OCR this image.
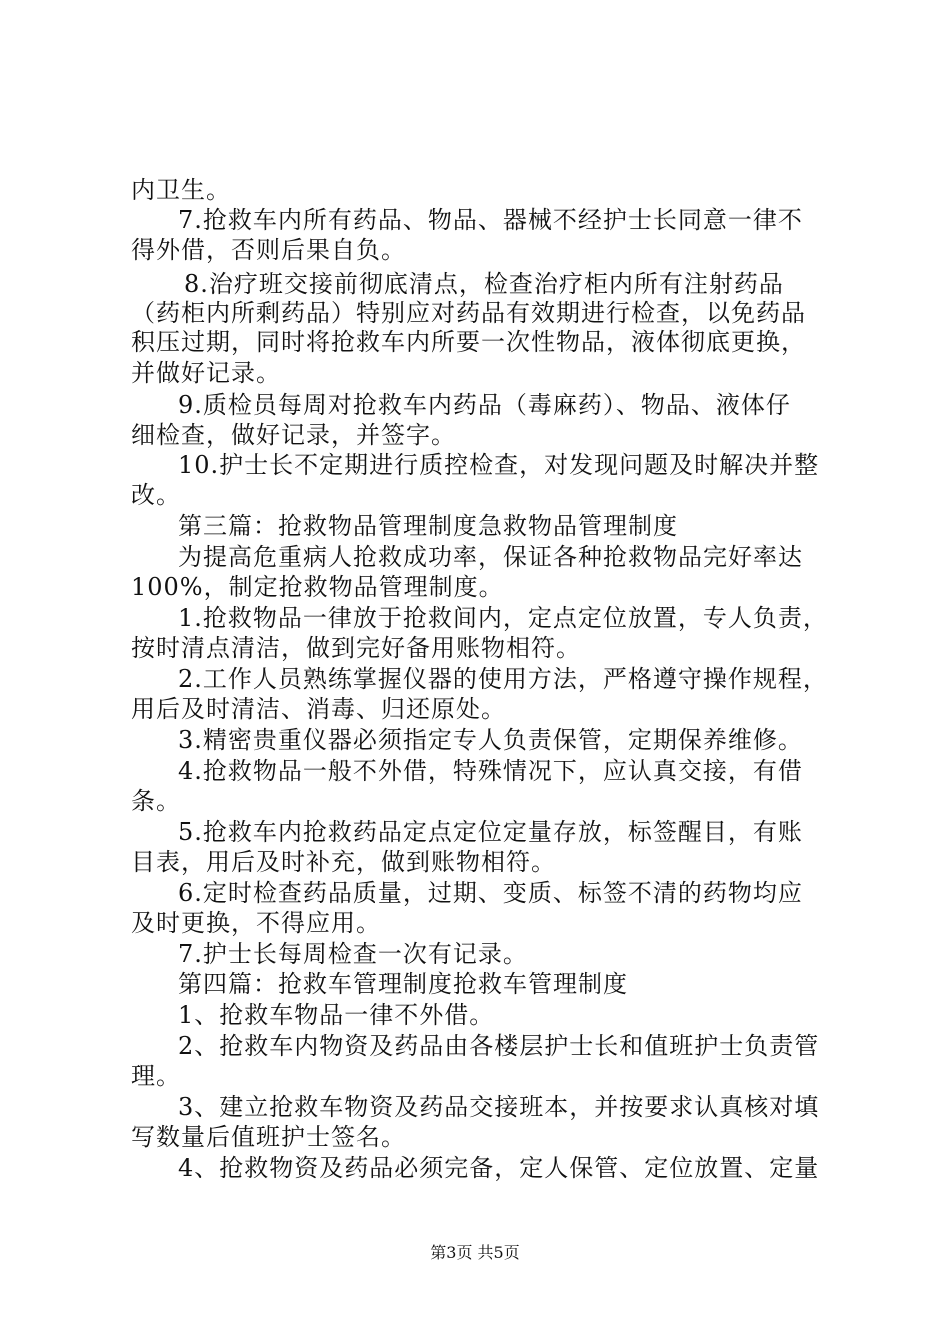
内卫生。
7.抢救车内所有药品、物品、器械不经护士长同意一律不
得外借，否则后果自负。
8.治疗班交接前彻底清点，检查治疗柜内所有注射药品
（药柜内所剩药品）特别应对药品有效期进行检查，以免药品
积压过期，同时将抢救车内所要一次性物品，液体彻底更换，
并做好记录。
9.质检员每周对抢救车内药品（毒麻药）、物品、液体仔
细检查，做好记录，并签字。
10.护士长不定期进行质控检查，对发现问题及时解决并整
改。
第三篇：抢救物品管理制度急救物品管理制度
为提高危重病人抢救成功率，保证各种抢救物品完好率达
100%，制定抢救物品管理制度。
1.抢救物品一律放于抢救间内，定点定位放置，专人负责，
按时清点清洁，做到完好备用账物相符。
2.工作人员熟练掌握仪器的使用方法，严格遵守操作规程，
用后及时清洁、消毒、归还原处。
3.精密贵重仪器必须指定专人负责保管，定期保养维修。
4.抢救物品一般不外借，特殊情况下，应认真交接，有借
条。
5.抢救车内抢救药品定点定位定量存放，标签醒目，有账
目表，用后及时补充，做到账物相符。
6.定时检查药品质量，过期、变质、标签不清的药物均应
及时更换，不得应用。
7.护士长每周检查一次有记录。
第四篇：抢救车管理制度抢救车管理制度
1、抢救车物品一律不外借。
2、抢救车内物资及药品由各楼层护士长和值班护士负责管
理。
3、建立抢救车物资及药品交接班本，并按要求认真核对填
写数量后值班护士签名。
4、抢救物资及药品必须完备，定人保管、定位放置、定量
第3页 共5页
